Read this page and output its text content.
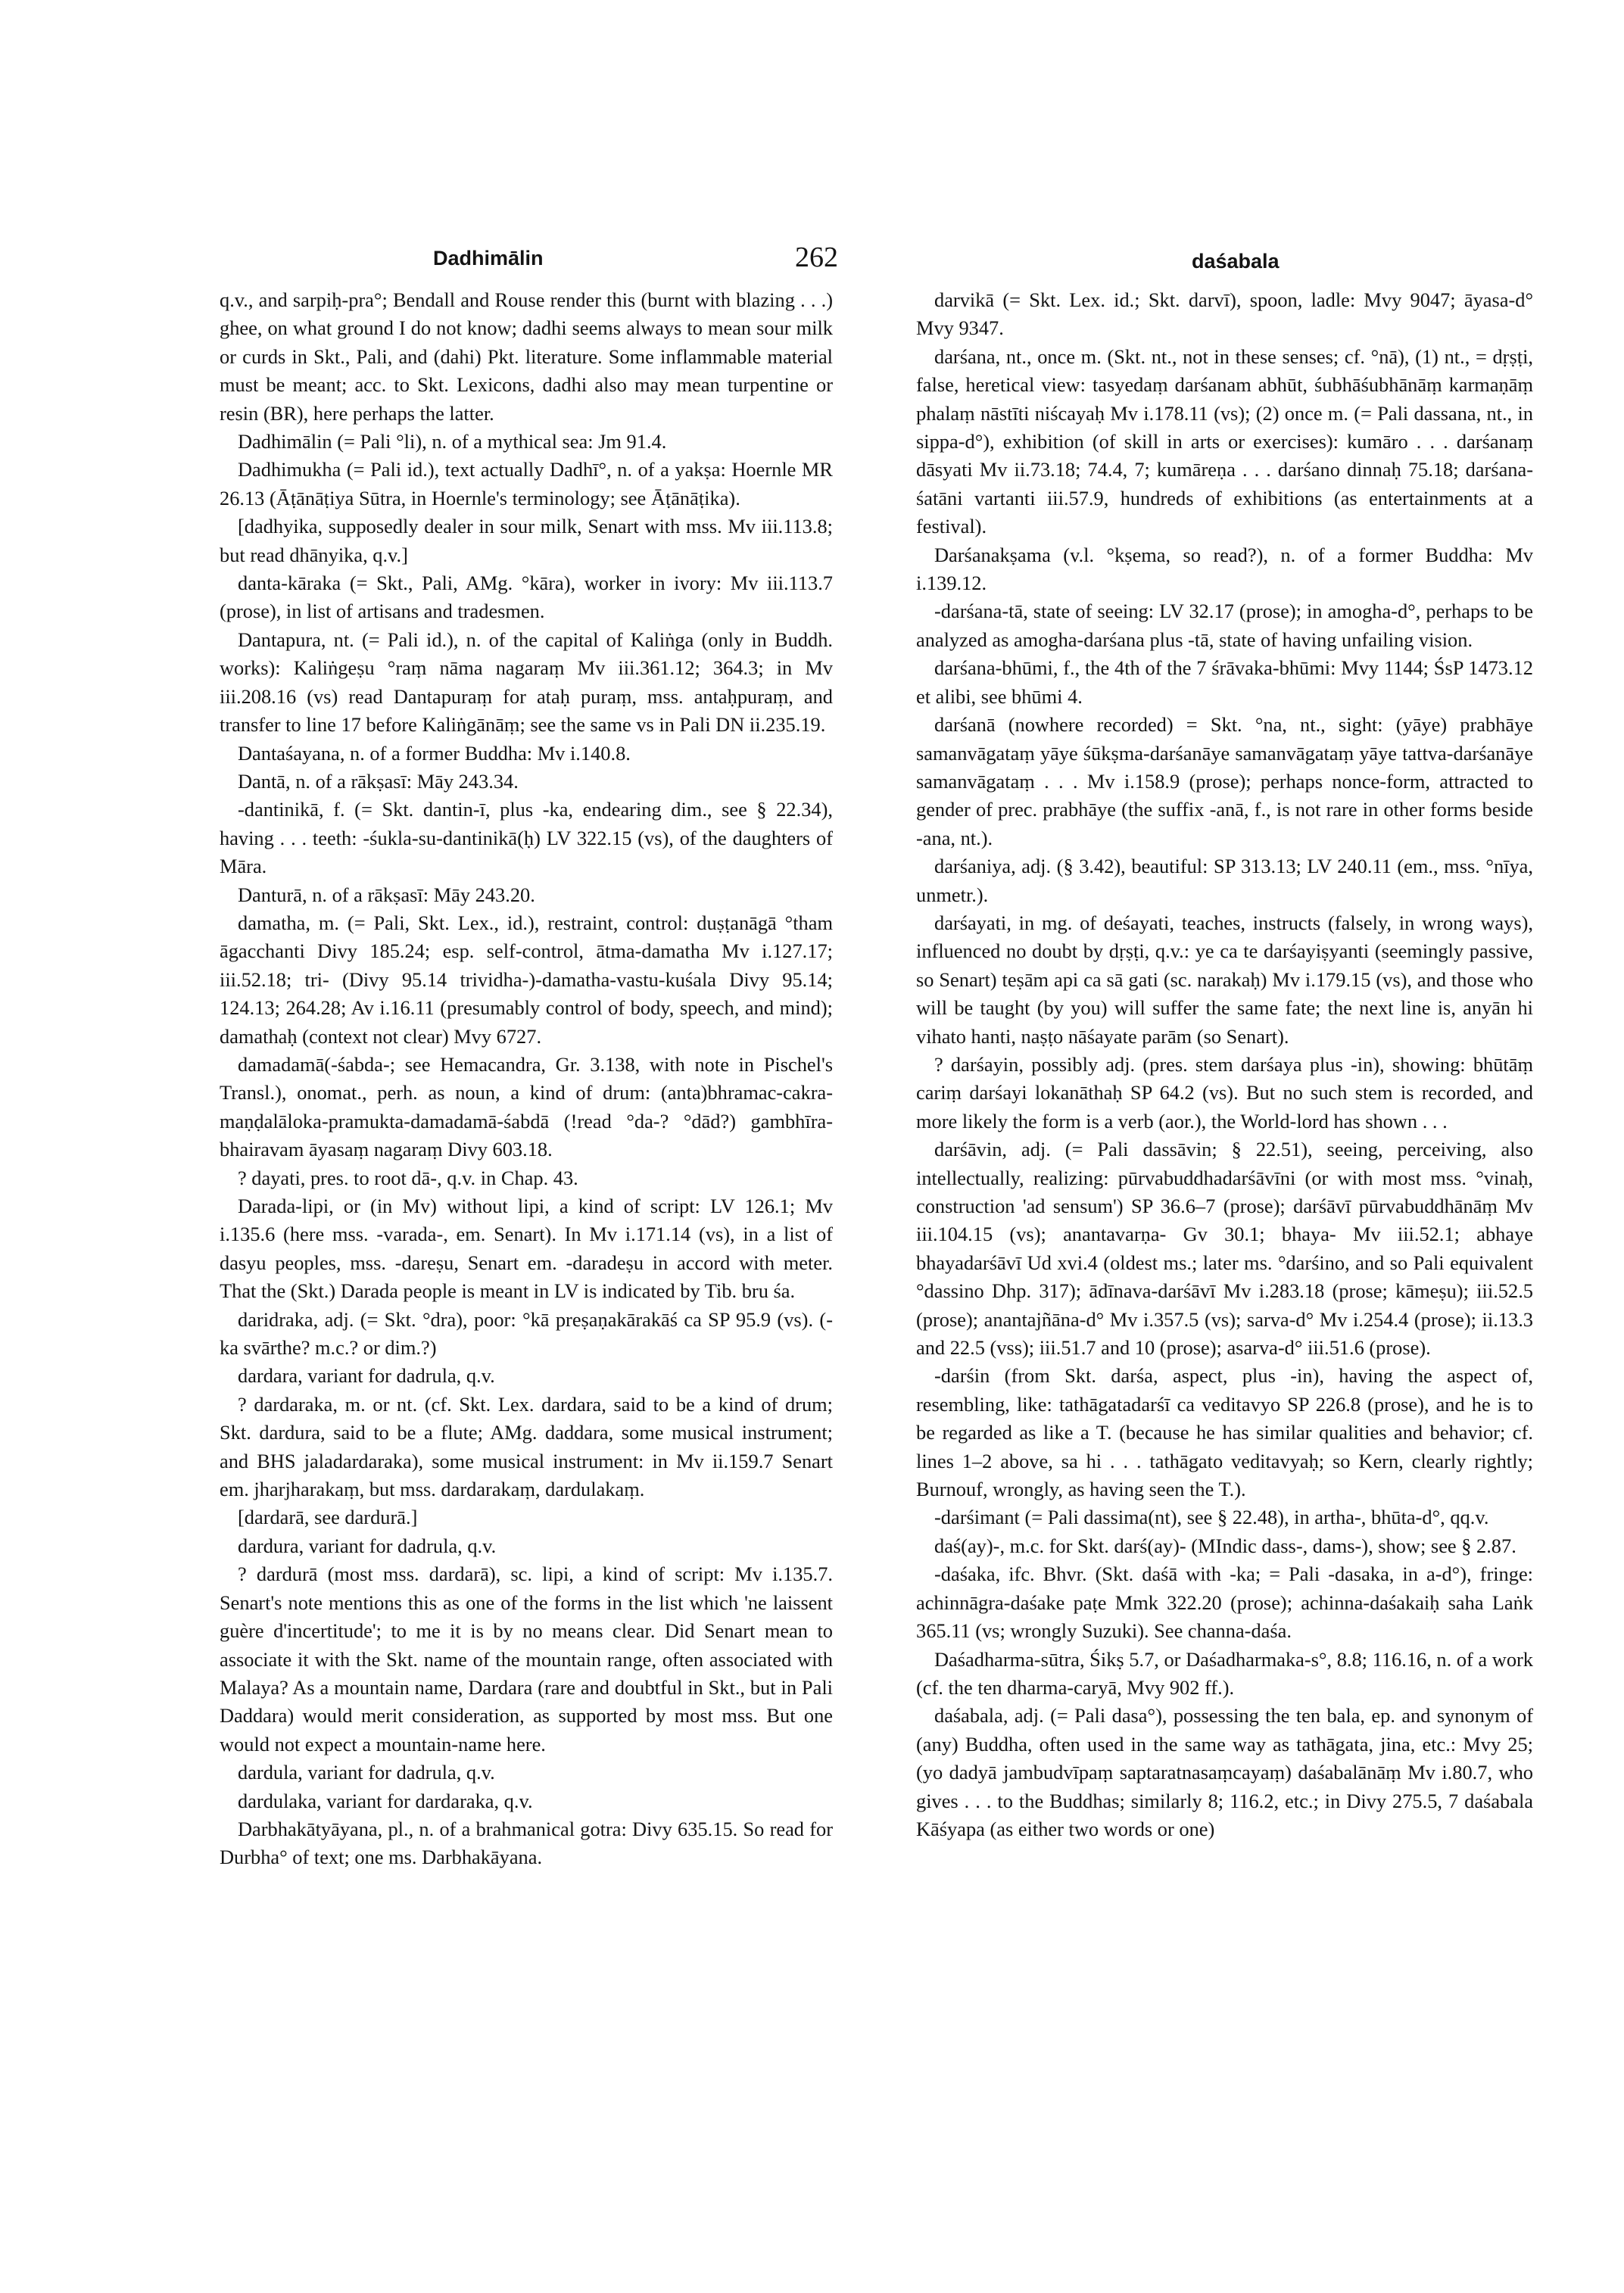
Dadhimālin	262	daśabala

q.v., and sarpiḥ-pra°; Bendall and Rouse render this (burnt with blazing . . .) ghee, on what ground I do not know; dadhi seems always to mean sour milk or curds in Skt., Pali, and (dahi) Pkt. literature. Some inflammable material must be meant; acc. to Skt. Lexicons, dadhi also may mean turpentine or resin (BR), here perhaps the latter.

Dadhimālin (= Pali °li), n. of a mythical sea: Jm 91.4.

Dadhimukha (= Pali id.), text actually Dadhī°, n. of a yakṣa: Hoernle MR 26.13 (Āṭānāṭiya Sūtra, in Hoernle's terminology; see Āṭānāṭika).

[dadhyika, supposedly dealer in sour milk, Senart with mss. Mv iii.113.8; but read dhānyika, q.v.]

danta-kāraka (= Skt., Pali, AMg. °kāra), worker in ivory: Mv iii.113.7 (prose), in list of artisans and tradesmen.

Dantapura, nt. (= Pali id.), n. of the capital of Kaliṅga (only in Buddh. works): Kaliṅgeṣu °raṃ nāma nagaraṃ Mv iii.361.12; 364.3; in Mv iii.208.16 (vs) read Dantapuraṃ for ataḥ puraṃ, mss. antaḥpuraṃ, and transfer to line 17 before Kaliṅgānāṃ; see the same vs in Pali DN ii.235.19.

Dantaśayana, n. of a former Buddha: Mv i.140.8.

Dantā, n. of a rākṣasī: Māy 243.34.

-dantinikā, f. (= Skt. dantin-ī, plus -ka, endearing dim., see § 22.34), having . . . teeth: -śukla-su-dantinikā(ḥ) LV 322.15 (vs), of the daughters of Māra.

Danturā, n. of a rākṣasī: Māy 243.20.

damatha, m. (= Pali, Skt. Lex., id.), restraint, control: duṣṭanāgā °tham āgacchanti Divy 185.24; esp. self-control, ātma-damatha Mv i.127.17; iii.52.18; tri- (Divy 95.14 trividha-)-damatha-vastu-kuśala Divy 95.14; 124.13; 264.28; Av i.16.11 (presumably control of body, speech, and mind); damathaḥ (context not clear) Mvy 6727.

damadamā(-śabda-; see Hemacandra, Gr. 3.138, with note in Pischel's Transl.), onomat., perh. as noun, a kind of drum: (anta)bhramac-cakra-maṇḍalāloka-pramukta-damadamā-śabdā (!read °da-? °dād?) gambhīra-bhairavam āyasaṃ nagaraṃ Divy 603.18.

? dayati, pres. to root dā-, q.v. in Chap. 43.

Darada-lipi, or (in Mv) without lipi, a kind of script: LV 126.1; Mv i.135.6 (here mss. -varada-, em. Senart). In Mv i.171.14 (vs), in a list of dasyu peoples, mss. -dareṣu, Senart em. -daradeṣu in accord with meter. That the (Skt.) Darada people is meant in LV is indicated by Tib. bru śa.

daridraka, adj. (= Skt. °dra), poor: °kā preṣaṇakārakāś ca SP 95.9 (vs). (-ka svārthe? m.c.? or dim.?)

dardara, variant for dadrula, q.v.

? dardaraka, m. or nt. (cf. Skt. Lex. dardara, said to be a kind of drum; Skt. dardura, said to be a flute; AMg. daddara, some musical instrument; and BHS jaladardaraka), some musical instrument: in Mv ii.159.7 Senart em. jharjharakaṃ, but mss. dardarakaṃ, dardulakaṃ.

[dardarā, see dardurā.]

dardura, variant for dadrula, q.v.

? dardurā (most mss. dardarā), sc. lipi, a kind of script: Mv i.135.7. Senart's note mentions this as one of the forms in the list which 'ne laissent guère d'incertitude'; to me it is by no means clear. Did Senart mean to associate it with the Skt. name of the mountain range, often associated with Malaya? As a mountain name, Dardara (rare and doubtful in Skt., but in Pali Daddara) would merit consideration, as supported by most mss. But one would not expect a mountain-name here.

dardula, variant for dadrula, q.v.

dardulaka, variant for dardaraka, q.v.

Darbhakātyāyana, pl., n. of a brahmanical gotra: Divy 635.15. So read for Durbha° of text; one ms. Darbhakāyana.

darvikā (= Skt. Lex. id.; Skt. darvī), spoon, ladle: Mvy 9047; āyasa-d° Mvy 9347.

darśana, nt., once m. (Skt. nt., not in these senses; cf. °nā), (1) nt., = dṛṣṭi, false, heretical view: tasyedaṃ darśanam abhūt, śubhāśubhānāṃ karmaṇāṃ phalaṃ nāstīti niścayaḥ Mv i.178.11 (vs); (2) once m. (= Pali dassana, nt., in sippa-d°), exhibition (of skill in arts or exercises): kumāro . . . darśanaṃ dāsyati Mv ii.73.18; 74.4, 7; kumāreṇa . . . darśano dinnaḥ 75.18; darśana-śatāni vartanti iii.57.9, hundreds of exhibitions (as entertainments at a festival).

Darśanakṣama (v.l. °kṣema, so read?), n. of a former Buddha: Mv i.139.12.

-darśana-tā, state of seeing: LV 32.17 (prose); in amogha-d°, perhaps to be analyzed as amogha-darśana plus -tā, state of having unfailing vision.

darśana-bhūmi, f., the 4th of the 7 śrāvaka-bhūmi: Mvy 1144; ŚsP 1473.12 et alibi, see bhūmi 4.

darśanā (nowhere recorded) = Skt. °na, nt., sight: (yāye) prabhāye samanvāgataṃ yāye śūkṣma-darśanāye samanvāgataṃ yāye tattva-darśanāye samanvāgataṃ . . . Mv i.158.9 (prose); perhaps nonce-form, attracted to gender of prec. prabhāye (the suffix -anā, f., is not rare in other forms beside -ana, nt.).

darśaniya, adj. (§ 3.42), beautiful: SP 313.13; LV 240.11 (em., mss. °nīya, unmetr.).

darśayati, in mg. of deśayati, teaches, instructs (falsely, in wrong ways), influenced no doubt by dṛṣṭi, q.v.: ye ca te darśayiṣyanti (seemingly passive, so Senart) teṣām api ca sā gati (sc. narakaḥ) Mv i.179.15 (vs), and those who will be taught (by you) will suffer the same fate; the next line is, anyān hi vihato hanti, naṣṭo nāśayate parām (so Senart).

? darśayin, possibly adj. (pres. stem darśaya plus -in), showing: bhūtāṃ cariṃ darśayi lokanāthaḥ SP 64.2 (vs). But no such stem is recorded, and more likely the form is a verb (aor.), the World-lord has shown . . .

darśāvin, adj. (= Pali dassāvin; § 22.51), seeing, perceiving, also intellectually, realizing: pūrvabuddhadarśāvīni (or with most mss. °vinaḥ, construction 'ad sensum') SP 36.6–7 (prose); darśāvī pūrvabuddhānāṃ Mv iii.104.15 (vs); anantavarṇa- Gv 30.1; bhaya- Mv iii.52.1; abhaye bhayadarśāvī Ud xvi.4 (oldest ms.; later ms. °darśino, and so Pali equivalent °dassino Dhp. 317); ādīnava-darśāvī Mv i.283.18 (prose; kāmeṣu); iii.52.5 (prose); anantajñāna-d° Mv i.357.5 (vs); sarva-d° Mv i.254.4 (prose); ii.13.3 and 22.5 (vss); iii.51.7 and 10 (prose); asarva-d° iii.51.6 (prose).

-darśin (from Skt. darśa, aspect, plus -in), having the aspect of, resembling, like: tathāgatadarśī ca veditavyo SP 226.8 (prose), and he is to be regarded as like a T. (because he has similar qualities and behavior; cf. lines 1–2 above, sa hi . . . tathāgato veditavyaḥ; so Kern, clearly rightly; Burnouf, wrongly, as having seen the T.).

-darśimant (= Pali dassima(nt), see § 22.48), in artha-, bhūta-d°, qq.v.

daś(ay)-, m.c. for Skt. darś(ay)- (MIndic dass-, dams-), show; see § 2.87.

-daśaka, ifc. Bhvr. (Skt. daśā with -ka; = Pali -dasaka, in a-d°), fringe: achinnāgra-daśake paṭe Mmk 322.20 (prose); achinna-daśakaiḥ saha Laṅk 365.11 (vs; wrongly Suzuki). See channa-daśa.

Daśadharma-sūtra, Śikṣ 5.7, or Daśadharmaka-s°, 8.8; 116.16, n. of a work (cf. the ten dharma-caryā, Mvy 902 ff.).

daśabala, adj. (= Pali dasa°), possessing the ten bala, ep. and synonym of (any) Buddha, often used in the same way as tathāgata, jina, etc.: Mvy 25; (yo dadyā jambudvīpaṃ saptaratnasaṃcayaṃ) daśabalānāṃ Mv i.80.7, who gives . . . to the Buddhas; similarly 8; 116.2, etc.; in Divy 275.5, 7 daśabala Kāśyapa (as either two words or one)
